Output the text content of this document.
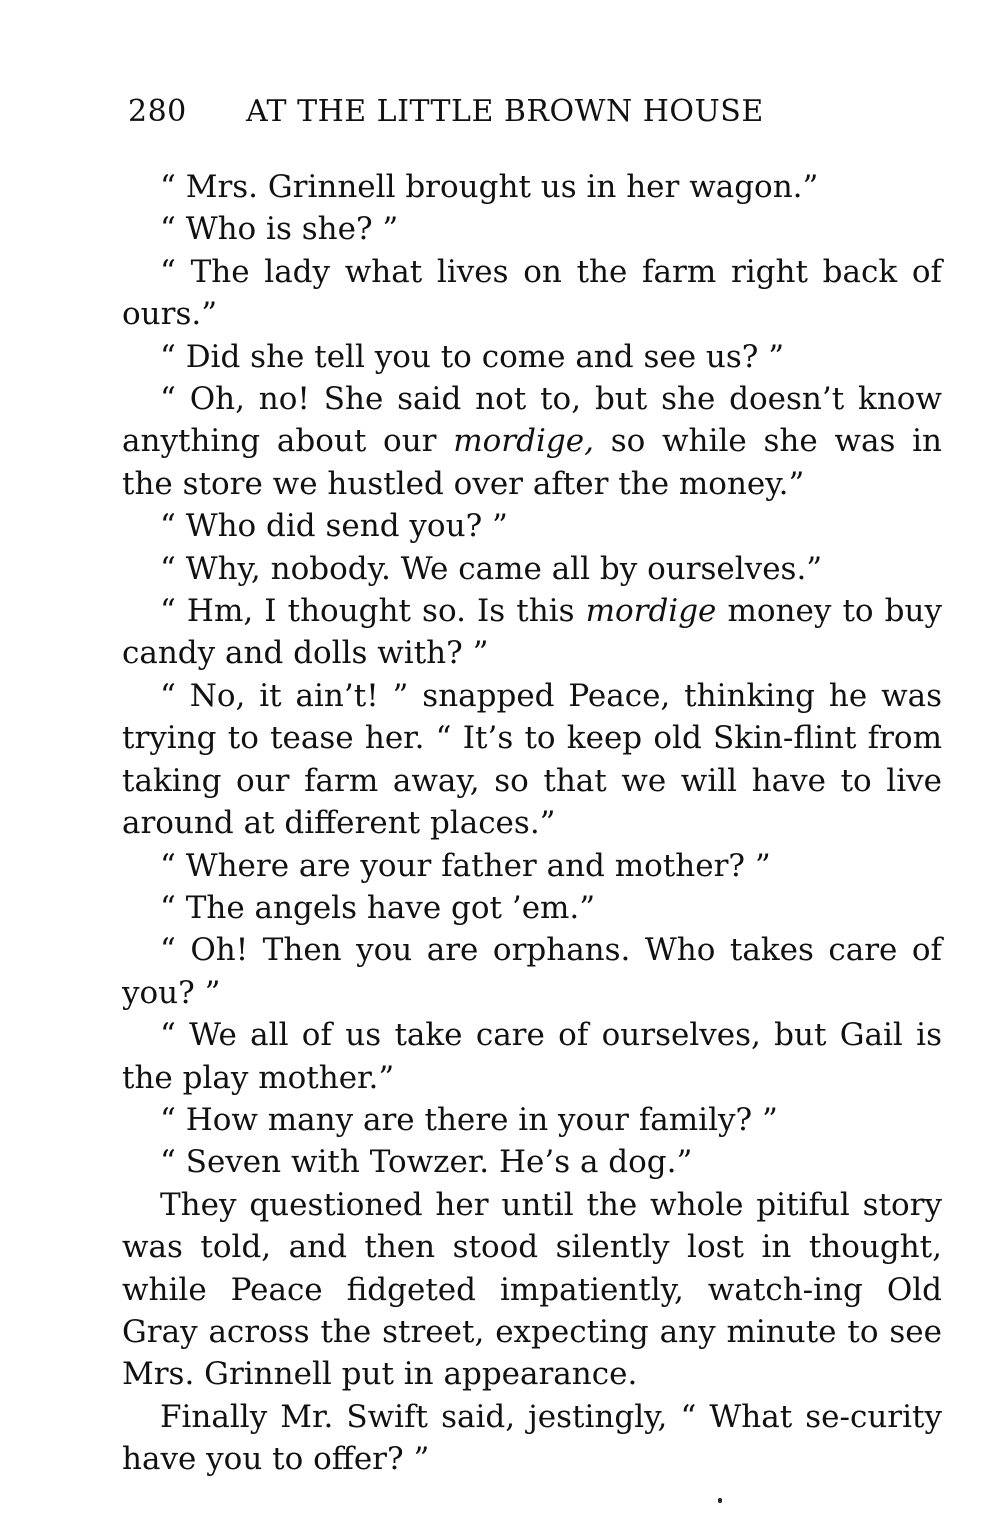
280 AT THE LITTLE BROWN HOUSE

“ Mrs. Grinnell brought us in her wagon.”

“ Who is she? ”

“ The lady what lives on the farm right back of ours.”

“ Did she tell you to come and see us? ”

“ Oh, no! She said not to, but she doesn’t know anything about our mordige, so while she was in the store we hustled over after the money.”

“ Who did send you? ”

“ Why, nobody. We came all by ourselves.”

“ Hm, I thought so. Is this mordige money to buy candy and dolls with? ”

“ No, it ain’t! ” snapped Peace, thinking he was trying to tease her. “ It’s to keep old Skin-flint from taking our farm away, so that we will have to live around at different places.”

“ Where are your father and mother? ”

“ The angels have got ’em.”

“ Oh! Then you are orphans. Who takes care of you? ”

“ We all of us take care of ourselves, but Gail is the play mother.”

“ How many are there in your family? ”

“ Seven with Towzer. He’s a dog.”

They questioned her until the whole pitiful story was told, and then stood silently lost in thought, while Peace fidgeted impatiently, watch-ing Old Gray across the street, expecting any minute to see Mrs. Grinnell put in appearance.

Finally Mr. Swift said, jestingly, “ What se-curity have you to offer? ”
